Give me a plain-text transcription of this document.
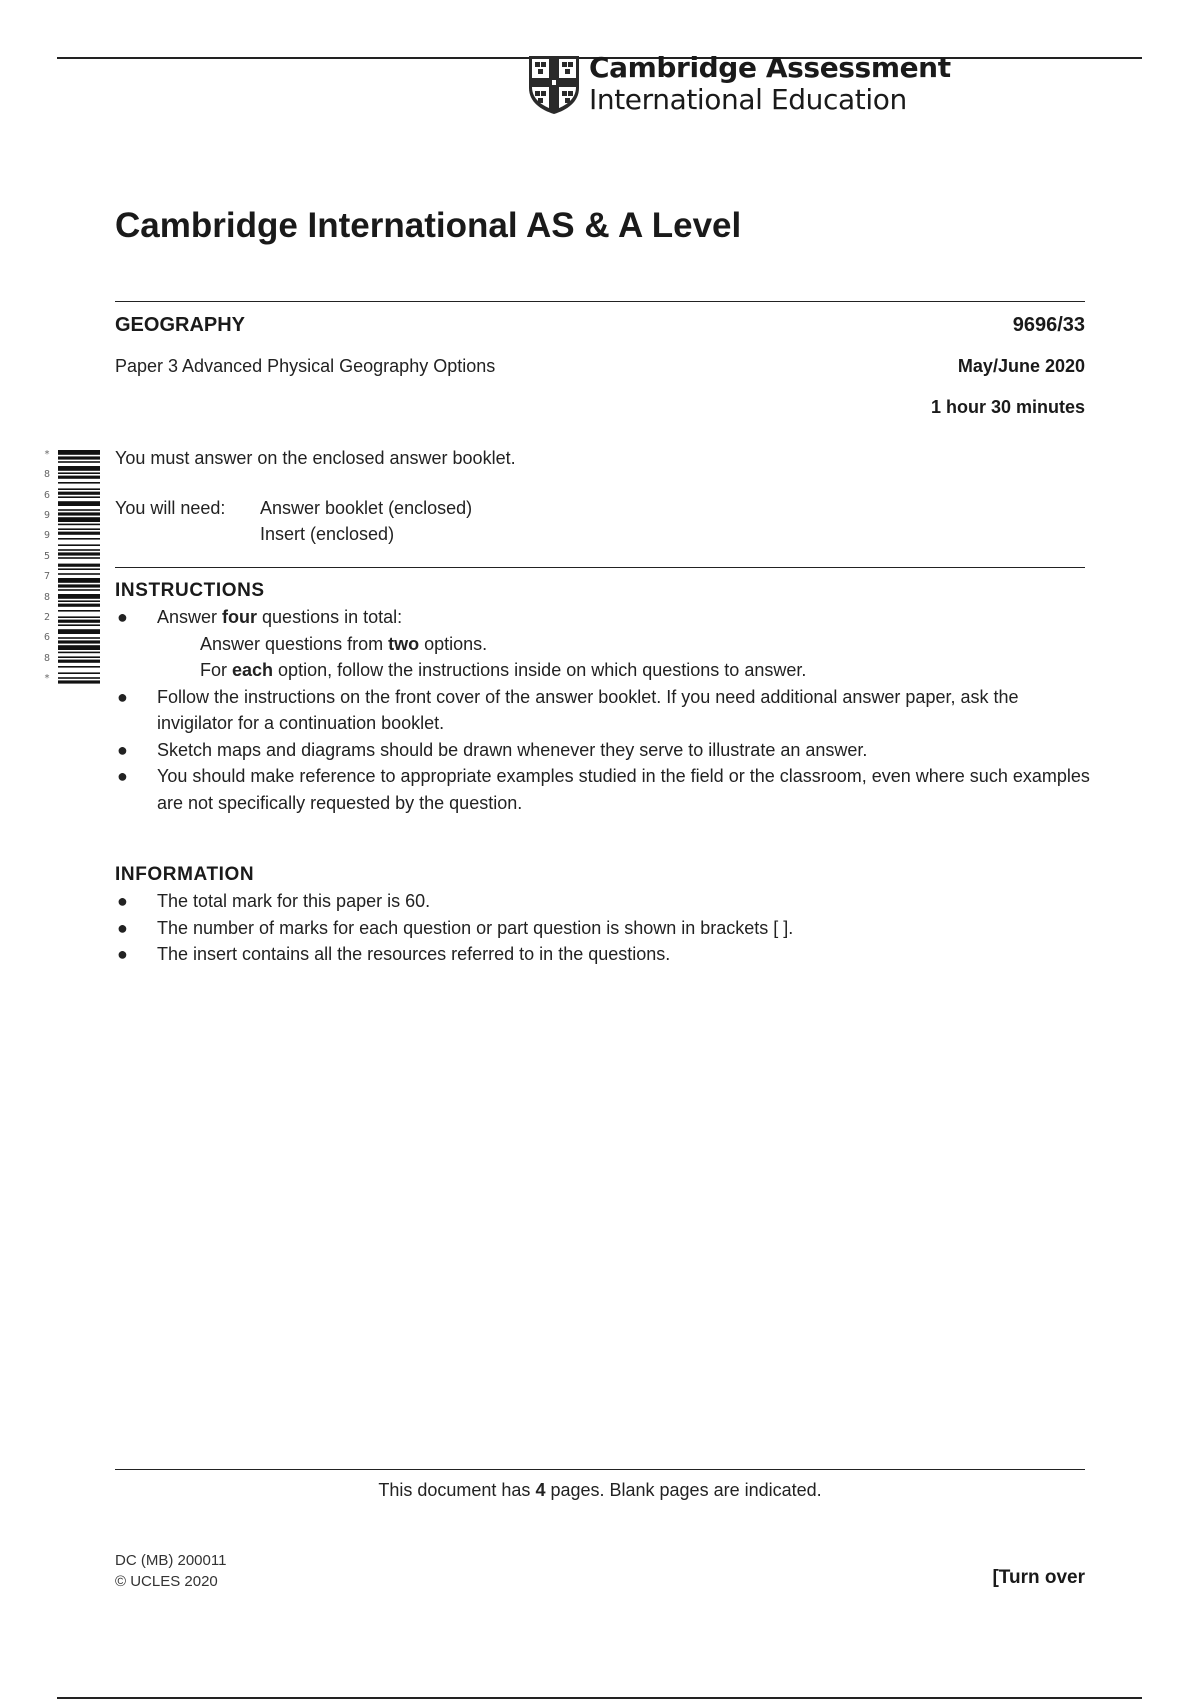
Cambridge Assessment
International Education
Cambridge International AS & A Level
GEOGRAPHY	9696/33
Paper 3 Advanced Physical Geography Options	May/June 2020
1 hour 30 minutes
*
8
6
9
9
5
7
8
2
6
8
*
You must answer on the enclosed answer booklet.
You will need: Answer booklet (enclosed)
Insert (enclosed)
INSTRUCTIONS
● Answer four questions in total:
Answer questions from two options.
For each option, follow the instructions inside on which questions to answer.
● Follow the instructions on the front cover of the answer booklet. If you need additional answer paper, ask the invigilator for a continuation booklet.
● Sketch maps and diagrams should be drawn whenever they serve to illustrate an answer.
● You should make reference to appropriate examples studied in the field or the classroom, even where such examples are not specifically requested by the question.
INFORMATION
● The total mark for this paper is 60.
● The number of marks for each question or part question is shown in brackets [ ].
● The insert contains all the resources referred to in the questions.
This document has 4 pages. Blank pages are indicated.
DC (MB) 200011
© UCLES 2020	[Turn over
